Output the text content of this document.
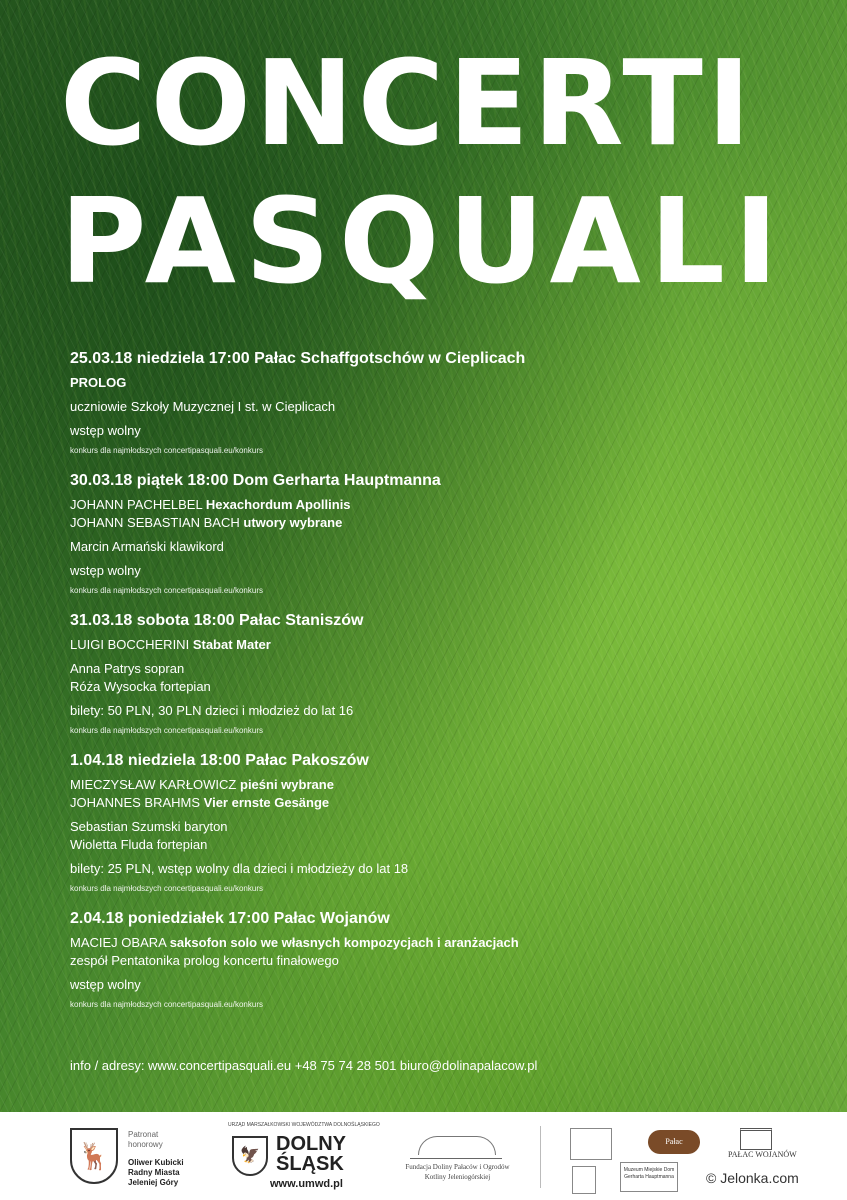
CONCERTI
PASQUALI
25.03.18 niedziela 17:00 Pałac Schaffgotschów w Cieplicach
PROLOG
uczniowie Szkoły Muzycznej I st. w Cieplicach
wstęp wolny
konkurs dla najmłodszych concertipasquali.eu/konkurs
30.03.18 piątek 18:00 Dom Gerharta Hauptmanna
JOHANN PACHELBEL Hexachordum Apollinis
JOHANN SEBASTIAN BACH utwory wybrane
Marcin Armański klawikord
wstęp wolny
konkurs dla najmłodszych concertipasquali.eu/konkurs
31.03.18 sobota 18:00 Pałac Staniszów
LUIGI BOCCHERINI Stabat Mater
Anna Patrys sopran
Róża Wysocka fortepian
bilety: 50 PLN, 30 PLN dzieci i młodzież do lat 16
konkurs dla najmłodszych concertipasquali.eu/konkurs
1.04.18 niedziela 18:00 Pałac Pakoszów
MIECZYSŁAW KARŁOWICZ pieśni wybrane
JOHANNES BRAHMS Vier ernste Gesänge
Sebastian Szumski baryton
Wioletta Fluda fortepian
bilety: 25 PLN, wstęp wolny dla dzieci i młodzieży do lat 18
konkurs dla najmłodszych concertipasquali.eu/konkurs
2.04.18 poniedziałek 17:00 Pałac Wojanów
MACIEJ OBARA saksofon solo we własnych kompozycjach i aranżacjach
zespół Pentatonika prolog koncertu finałowego
wstęp wolny
konkurs dla najmłodszych concertipasquali.eu/konkurs
info / adresy: www.concertipasquali.eu +48 75 74 28 501 biuro@dolinapalacow.pl
🦌
Patronat
honorowy
Oliwer Kubicki
Radny Miasta
Jeleniej Góry
URZĄD MARSZAŁKOWSKI WOJEWÓDZTWA DOLNOŚLĄSKIEGO
🦅
DOLNY
ŚLĄSK
www.umwd.pl
Fundacja Doliny Pałaców i Ogrodów Kotliny Jeleniogórskiej
Pałac Staniszów
Muzeum Miejskie Dom Gerharta Hauptmanna
PAŁAC WOJANÓW
© Jelonka.com
